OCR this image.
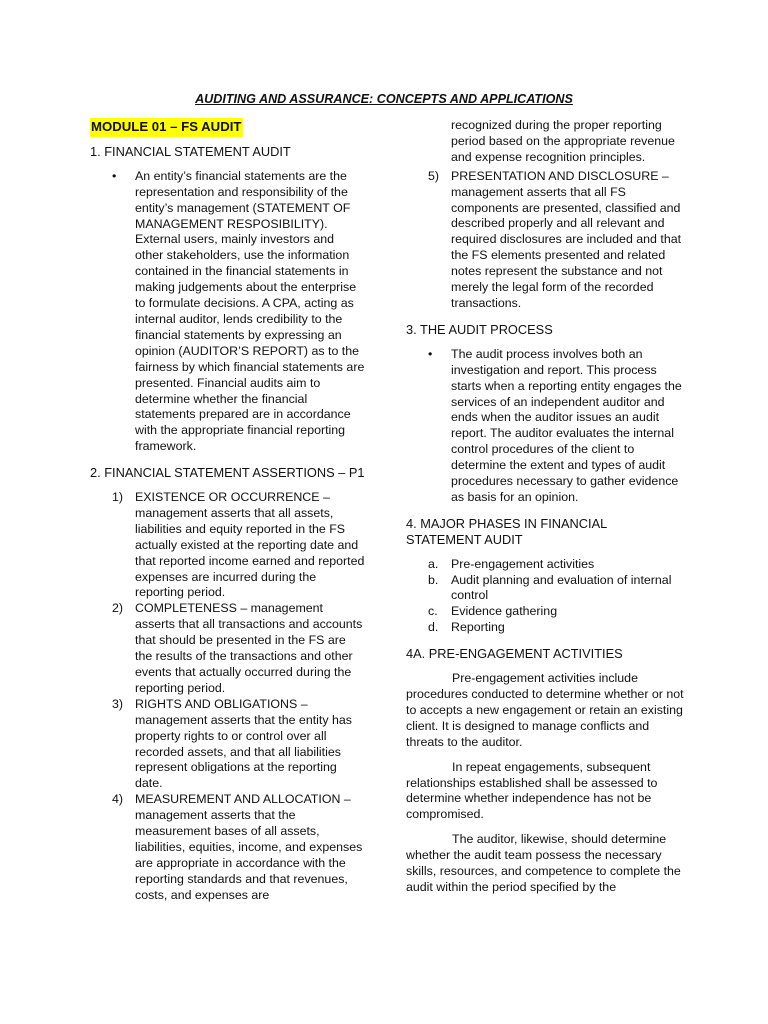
AUDITING AND ASSURANCE: CONCEPTS AND APPLICATIONS
MODULE 01 – FS AUDIT
1. FINANCIAL STATEMENT AUDIT
•	An entity’s financial statements are the representation and responsibility of the entity’s management (STATEMENT OF MANAGEMENT RESPOSIBILITY). External users, mainly investors and other stakeholders, use the information contained in the financial statements in making judgements about the enterprise to formulate decisions. A CPA, acting as internal auditor, lends credibility to the financial statements by expressing an opinion (AUDITOR’S REPORT) as to the fairness by which financial statements are presented. Financial audits aim to determine whether the financial statements prepared are in accordance with the appropriate financial reporting framework.
2. FINANCIAL STATEMENT ASSERTIONS – P1
1) EXISTENCE OR OCCURRENCE – management asserts that all assets, liabilities and equity reported in the FS actually existed at the reporting date and that reported income earned and reported expenses are incurred during the reporting period.
2) COMPLETENESS – management asserts that all transactions and accounts that should be presented in the FS are the results of the transactions and other events that actually occurred during the reporting period.
3) RIGHTS AND OBLIGATIONS – management asserts that the entity has property rights to or control over all recorded assets, and that all liabilities represent obligations at the reporting date.
4) MEASUREMENT AND ALLOCATION – management asserts that the measurement bases of all assets, liabilities, equities, income, and expenses are appropriate in accordance with the reporting standards and that revenues, costs, and expenses are
recognized during the proper reporting period based on the appropriate revenue and expense recognition principles.
5) PRESENTATION AND DISCLOSURE – management asserts that all FS components are presented, classified and described properly and all relevant and required disclosures are included and that the FS elements presented and related notes represent the substance and not merely the legal form of the recorded transactions.
3. THE AUDIT PROCESS
•	The audit process involves both an investigation and report. This process starts when a reporting entity engages the services of an independent auditor and ends when the auditor issues an audit report. The auditor evaluates the internal control procedures of the client to determine the extent and types of audit procedures necessary to gather evidence as basis for an opinion.
4. MAJOR PHASES IN FINANCIAL STATEMENT AUDIT
a.	Pre-engagement activities
b.	Audit planning and evaluation of internal control
c.	Evidence gathering
d.	Reporting
4A. PRE-ENGAGEMENT ACTIVITIES
Pre-engagement activities include procedures conducted to determine whether or not to accepts a new engagement or retain an existing client. It is designed to manage conflicts and threats to the auditor.
In repeat engagements, subsequent relationships established shall be assessed to determine whether independence has not be compromised.
The auditor, likewise, should determine whether the audit team possess the necessary skills, resources, and competence to complete the audit within the period specified by the
